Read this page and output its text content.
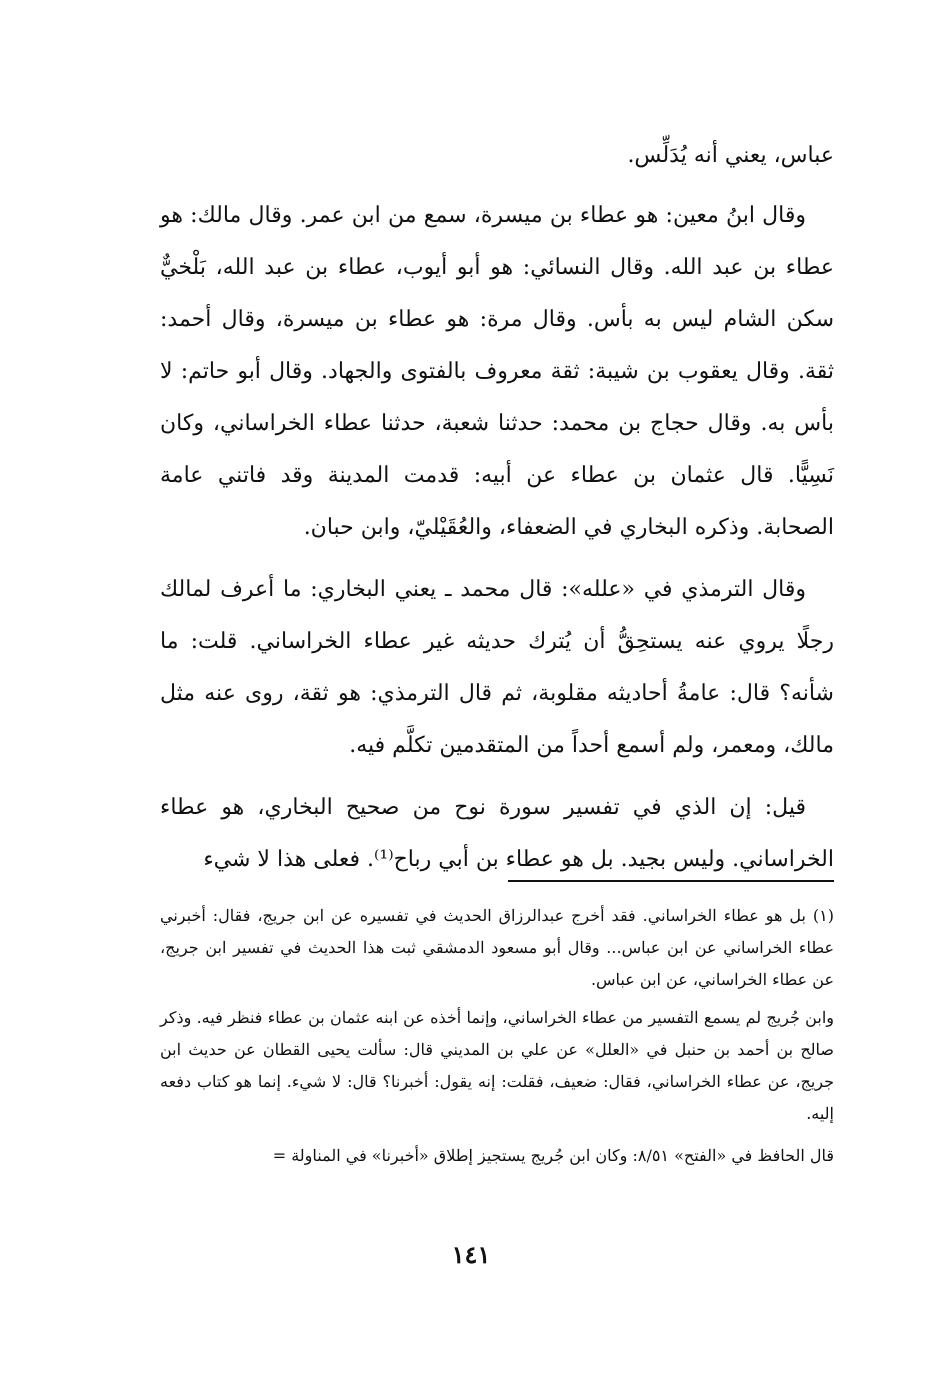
عباس، يعني أنه يُدَلِّس.

وقال ابنُ معين: هو عطاء بن ميسرة، سمع من ابن عمر. وقال مالك: هو عطاء بن عبد الله. وقال النسائي: هو أبو أيوب، عطاء بن عبد الله، بَلْخيٌّ سكن الشام ليس به بأس. وقال مرة: هو عطاء بن ميسرة، وقال أحمد: ثقة. وقال يعقوب بن شيبة: ثقة معروف بالفتوى والجهاد. وقال أبو حاتم: لا بأس به. وقال حجاج بن محمد: حدثنا شعبة، حدثنا عطاء الخراساني، وكان نَسِيًّا. قال عثمان بن عطاء عن أبيه: قدمت المدينة وقد فاتني عامة الصحابة. وذكره البخاري في الضعفاء، والعُقَيْليّ، وابن حبان.

وقال الترمذي في «علله»: قال محمد ـ يعني البخاري: ما أعرف لمالك رجلًا يروي عنه يستحِقُّ أن يُترك حديثه غير عطاء الخراساني. قلت: ما شأنه؟ قال: عامةُ أحاديثه مقلوبة، ثم قال الترمذي: هو ثقة، روى عنه مثل مالك، ومعمر، ولم أسمع أحداً من المتقدمين تكلَّم فيه.

قيل: إن الذي في تفسير سورة نوح من صحيح البخاري، هو عطاء الخراساني. وليس بجيد. بل هو عطاء بن أبي رباح⁽¹⁾. فعلى هذا لا شيء

(١) بل هو عطاء الخراساني. فقد أخرج عبدالرزاق الحديث في تفسيره عن ابن جريج، فقال: أخبرني عطاء الخراساني عن ابن عباس... وقال أبو مسعود الدمشقي ثبت هذا الحديث في تفسير ابن جريج، عن عطاء الخراساني، عن ابن عباس.

وابن جُريج لم يسمع التفسير من عطاء الخراساني، وإنما أخذه عن ابنه عثمان بن عطاء فنظر فيه. وذكر صالح بن أحمد بن حنبل في «العلل» عن علي بن المديني قال: سألت يحيى القطان عن حديث ابن جريج، عن عطاء الخراساني، فقال: ضعيف، فقلت: إنه يقول: أخبرنا؟ قال: لا شيء. إنما هو كتاب دفعه إليه.

قال الحافظ في «الفتح» ٨/٥١: وكان ابن جُريج يستجيز إطلاق «أخبرنا» في المناولة =

١٤١
